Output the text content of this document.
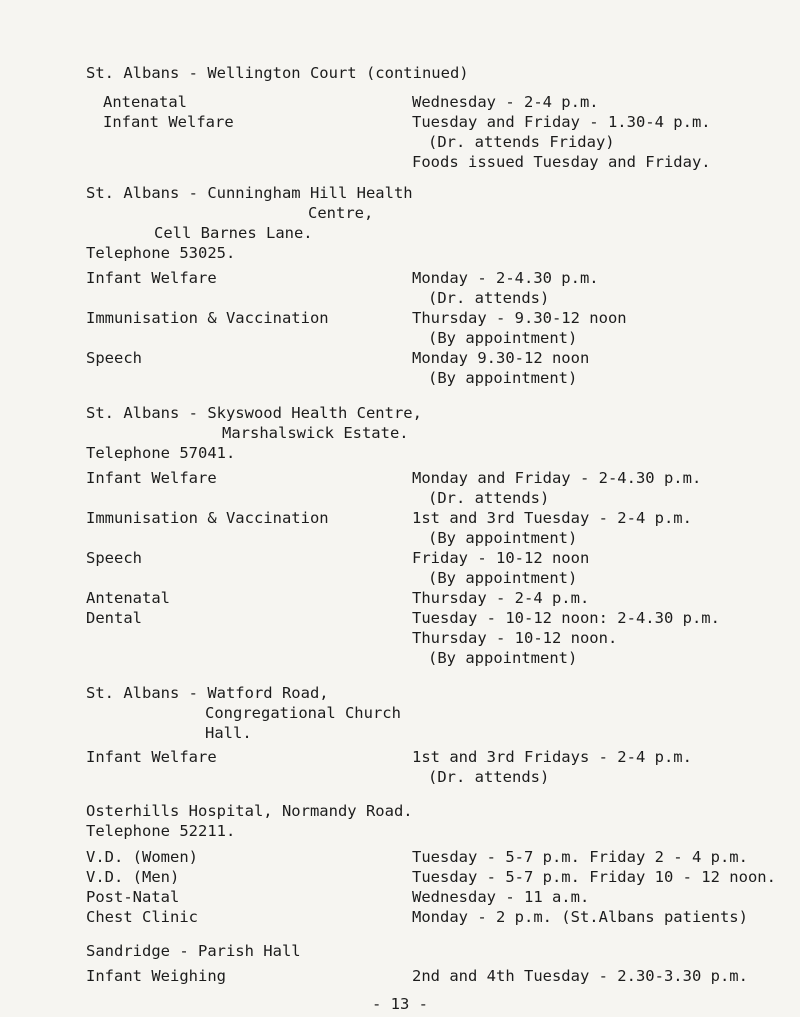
St. Albans - Wellington Court (continued)
Antenatal	Wednesday - 2-4 p.m.
Infant Welfare	Tuesday and Friday - 1.30-4 p.m.
(Dr. attends Friday)
Foods issued Tuesday and Friday.
St. Albans - Cunningham Hill Health
Centre,
Cell Barnes Lane.
Telephone 53025.
Infant Welfare	Monday - 2-4.30 p.m.
(Dr. attends)
Immunisation & Vaccination	Thursday - 9.30-12 noon
(By appointment)
Speech	Monday 9.30-12 noon
(By appointment)
St. Albans - Skyswood Health Centre,
Marshalswick Estate.
Telephone 57041.
Infant Welfare	Monday and Friday - 2-4.30 p.m.
(Dr. attends)
Immunisation & Vaccination	1st and 3rd Tuesday - 2-4 p.m.
(By appointment)
Speech	Friday - 10-12 noon
(By appointment)
Antenatal	Thursday - 2-4 p.m.
Dental	Tuesday - 10-12 noon: 2-4.30 p.m.
Thursday - 10-12 noon.
(By appointment)
St. Albans - Watford Road,
Congregational Church
Hall.
Infant Welfare	1st and 3rd Fridays - 2-4 p.m.
(Dr. attends)
Osterhills Hospital, Normandy Road.
Telephone 52211.
V.D. (Women)	Tuesday - 5-7 p.m. Friday 2 - 4 p.m.
V.D. (Men)	Tuesday - 5-7 p.m. Friday 10 - 12 noon.
Post-Natal	Wednesday - 11 a.m.
Chest Clinic	Monday - 2 p.m. (St.Albans patients)
Sandridge - Parish Hall
Infant Weighing	2nd and 4th Tuesday - 2.30-3.30 p.m.
- 13 -
